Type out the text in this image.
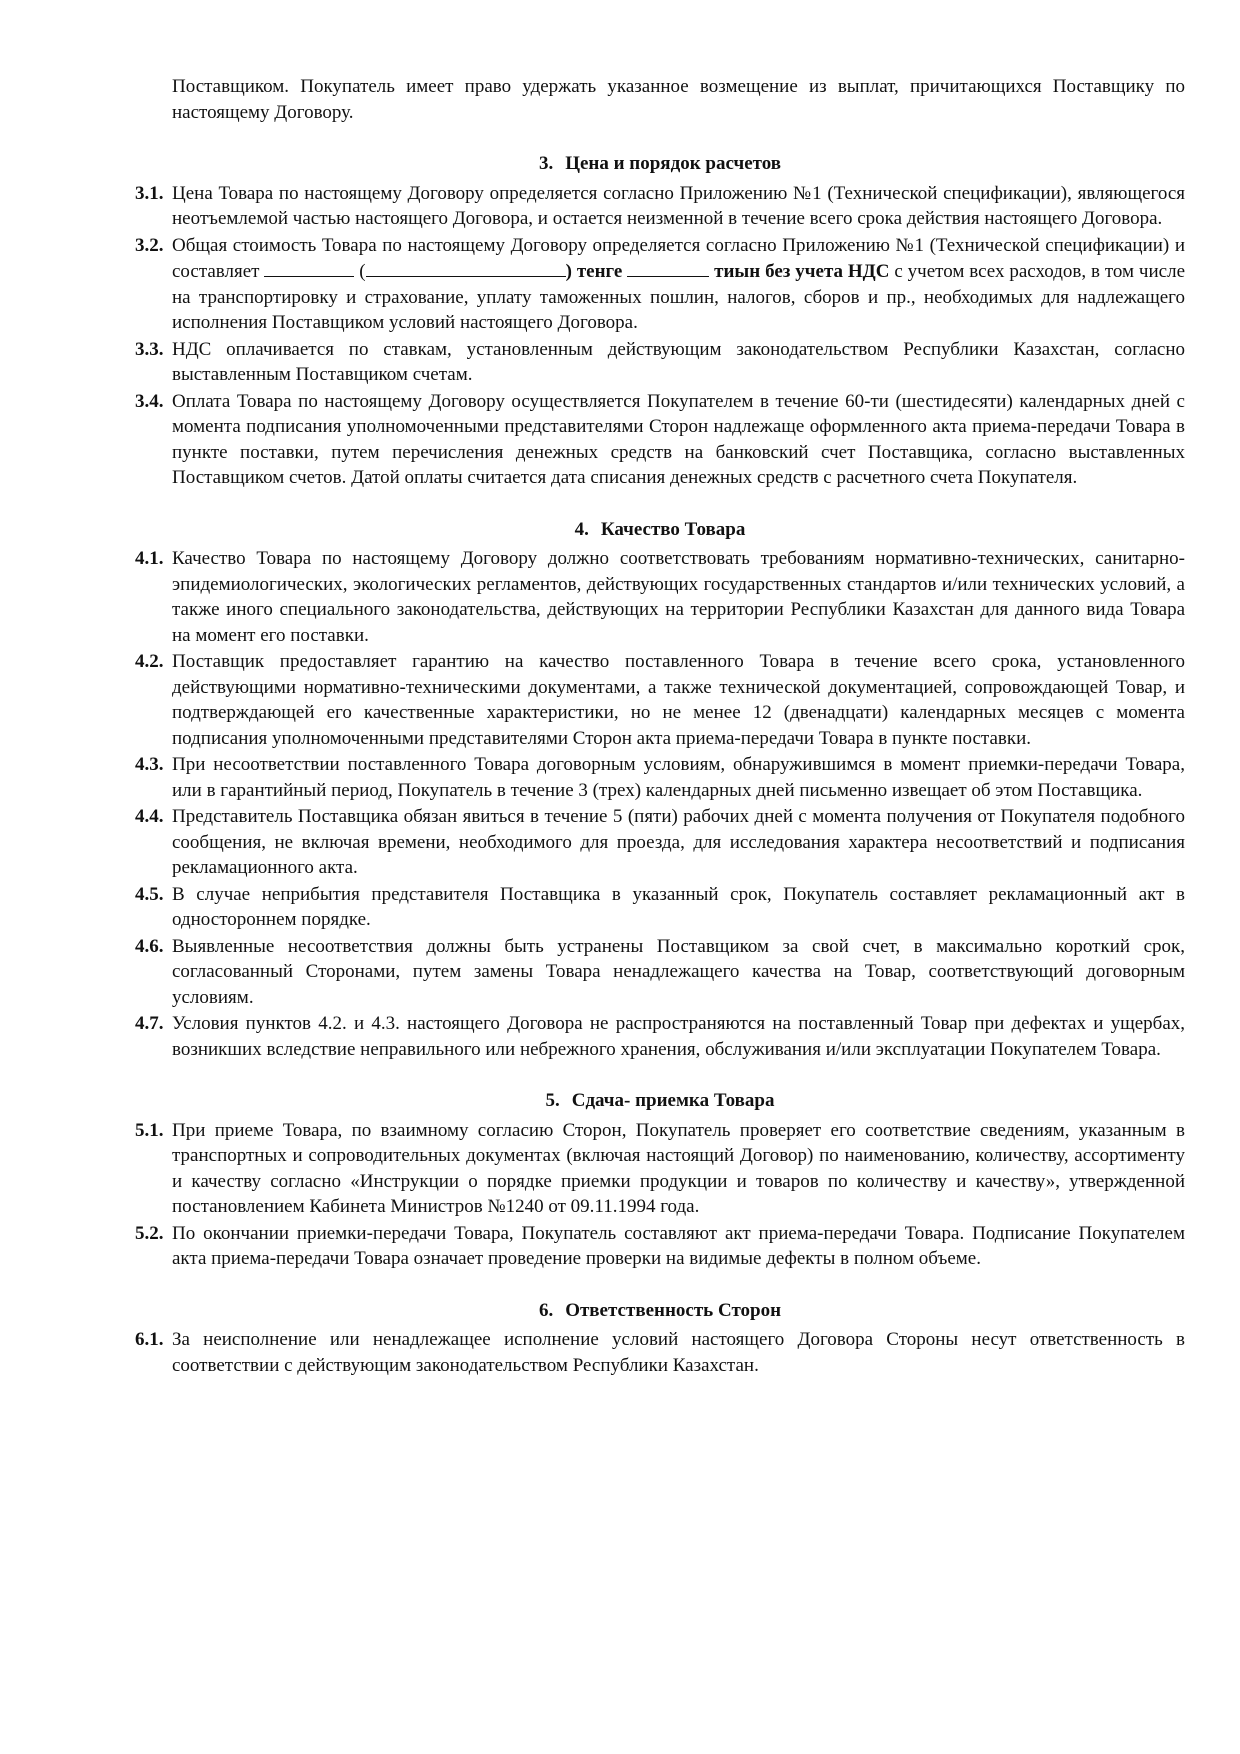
Поставщиком. Покупатель имеет право удержать указанное возмещение из выплат, причитающихся Поставщику по настоящему Договору.

3. Цена и порядок расчетов
3.1. Цена Товара по настоящему Договору определяется согласно Приложению №1 (Технической спецификации), являющегося неотъемлемой частью настоящего Договора, и остается неизменной в течение всего срока действия настоящего Договора.
3.2. Общая стоимость Товара по настоящему Договору определяется согласно Приложению №1 (Технической спецификации) и составляет	(	) тенге	тиын без учета НДС с учетом всех расходов, в том числе на транспортировку и страхование, уплату таможенных пошлин, налогов, сборов и пр., необходимых для надлежащего исполнения Поставщиком условий настоящего Договора.
3.3. НДС оплачивается по ставкам, установленным действующим законодательством Республики Казахстан, согласно выставленным Поставщиком счетам.
3.4. Оплата Товара по настоящему Договору осуществляется Покупателем в течение 60-ти (шестидесяти) календарных дней с момента подписания уполномоченными представителями Сторон надлежаще оформленного акта приема-передачи Товара в пункте поставки, путем перечисления денежных средств на банковский счет Поставщика, согласно выставленных Поставщиком счетов. Датой оплаты считается дата списания денежных средств с расчетного счета Покупателя.
4. Качество Товара
4.1. Качество Товара по настоящему Договору должно соответствовать требованиям нормативно-технических, санитарно-эпидемиологических, экологических регламентов, действующих государственных стандартов и/или технических условий, а также иного специального законодательства, действующих на территории Республики Казахстан для данного вида Товара на момент его поставки.
4.2. Поставщик предоставляет гарантию на качество поставленного Товара в течение всего срока, установленного действующими нормативно-техническими документами, а также технической документацией, сопровождающей Товар, и подтверждающей его качественные характеристики, но не менее 12 (двенадцати) календарных месяцев с момента подписания уполномоченными представителями Сторон акта приема-передачи Товара в пункте поставки.
4.3. При несоответствии поставленного Товара договорным условиям, обнаружившимся в момент приемки-передачи Товара, или в гарантийный период, Покупатель в течение 3 (трех) календарных дней письменно извещает об этом Поставщика.
4.4. Представитель Поставщика обязан явиться в течение 5 (пяти) рабочих дней с момента получения от Покупателя подобного сообщения, не включая времени, необходимого для проезда, для исследования характера несоответствий и подписания рекламационного акта.
4.5. В случае неприбытия представителя Поставщика в указанный срок, Покупатель составляет рекламационный акт в одностороннем порядке.
4.6. Выявленные несоответствия должны быть устранены Поставщиком за свой счет, в максимально короткий срок, согласованный Сторонами, путем замены Товара ненадлежащего качества на Товар, соответствующий договорным условиям.
4.7. Условия пунктов 4.2. и 4.3. настоящего Договора не распространяются на поставленный Товар при дефектах и ущербах, возникших вследствие неправильного или небрежного хранения, обслуживания и/или эксплуатации Покупателем Товара.
5. Сдача- приемка Товара
5.1. При приеме Товара, по взаимному согласию Сторон, Покупатель проверяет его соответствие сведениям, указанным в транспортных и сопроводительных документах (включая настоящий Договор) по наименованию, количеству, ассортименту и качеству согласно «Инструкции о порядке приемки продукции и товаров по количеству и качеству», утвержденной постановлением Кабинета Министров №1240 от 09.11.1994 года.
5.2. По окончании приемки-передачи Товара, Покупатель составляют акт приема-передачи Товара. Подписание Покупателем акта приема-передачи Товара означает проведение проверки на видимые дефекты в полном объеме.
6. Ответственность Сторон
6.1. За неисполнение или ненадлежащее исполнение условий настоящего Договора Стороны несут ответственность в соответствии с действующим законодательством Республики Казахстан.
